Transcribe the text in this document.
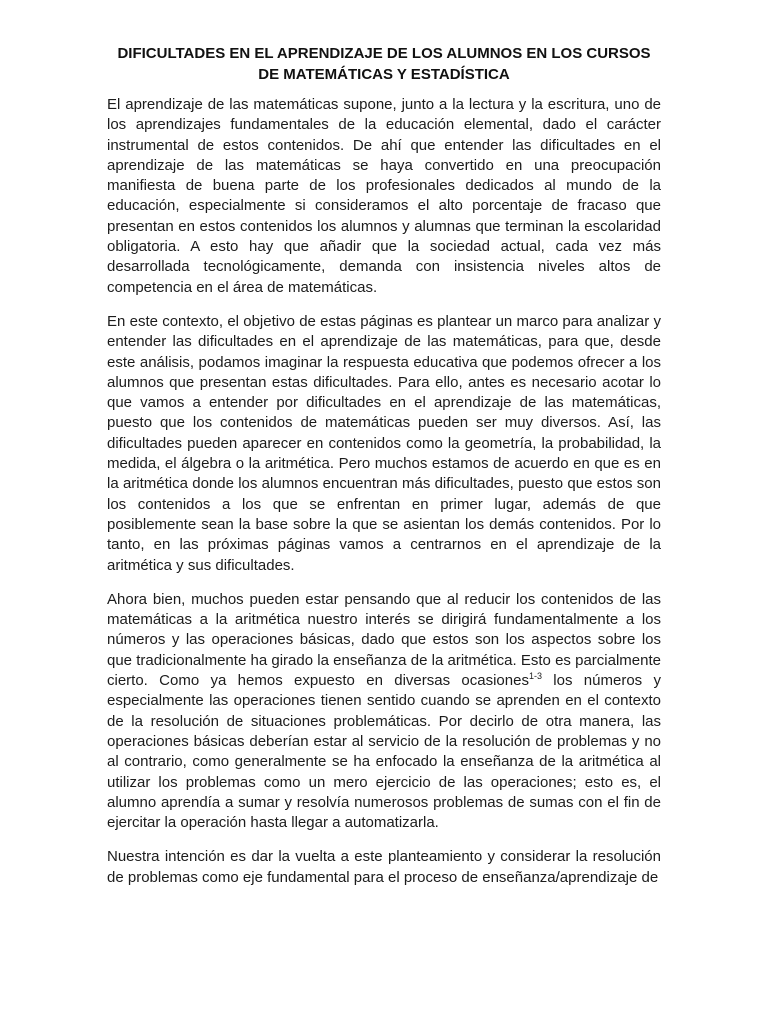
DIFICULTADES EN EL APRENDIZAJE DE LOS ALUMNOS EN LOS CURSOS
DE MATEMÁTICAS Y ESTADÍSTICA

El aprendizaje de las matemáticas supone, junto a la lectura y la escritura, uno de los aprendizajes fundamentales de la educación elemental, dado el carácter instrumental de estos contenidos. De ahí que entender las dificultades en el aprendizaje de las matemáticas se haya convertido en una preocupación manifiesta de buena parte de los profesionales dedicados al mundo de la educación, especialmente si consideramos el alto porcentaje de fracaso que presentan en estos contenidos los alumnos y alumnas que terminan la escolaridad obligatoria. A esto hay que añadir que la sociedad actual, cada vez más desarrollada tecnológicamente, demanda con insistencia niveles altos de competencia en el área de matemáticas.

En este contexto, el objetivo de estas páginas es plantear un marco para analizar y entender las dificultades en el aprendizaje de las matemáticas, para que, desde este análisis, podamos imaginar la respuesta educativa que podemos ofrecer a los alumnos que presentan estas dificultades. Para ello, antes es necesario acotar lo que vamos a entender por dificultades en el aprendizaje de las matemáticas, puesto que los contenidos de matemáticas pueden ser muy diversos. Así, las dificultades pueden aparecer en contenidos como la geometría, la probabilidad, la medida, el álgebra o la aritmética. Pero muchos estamos de acuerdo en que es en la aritmética donde los alumnos encuentran más dificultades, puesto que estos son los contenidos a los que se enfrentan en primer lugar, además de que posiblemente sean la base sobre la que se asientan los demás contenidos. Por lo tanto, en las próximas páginas vamos a centrarnos en el aprendizaje de la aritmética y sus dificultades.

Ahora bien, muchos pueden estar pensando que al reducir los contenidos de las matemáticas a la aritmética nuestro interés se dirigirá fundamentalmente a los números y las operaciones básicas, dado que estos son los aspectos sobre los que tradicionalmente ha girado la enseñanza de la aritmética. Esto es parcialmente cierto. Como ya hemos expuesto en diversas ocasiones$^{1-3}$ los números y especialmente las operaciones tienen sentido cuando se aprenden en el contexto de la resolución de situaciones problemáticas. Por decirlo de otra manera, las operaciones básicas deberían estar al servicio de la resolución de problemas y no al contrario, como generalmente se ha enfocado la enseñanza de la aritmética al utilizar los problemas como un mero ejercicio de las operaciones; esto es, el alumno aprendía a sumar y resolvía numerosos problemas de sumas con el fin de ejercitar la operación hasta llegar a automatizarla.

Nuestra intención es dar la vuelta a este planteamiento y considerar la resolución de problemas como eje fundamental para el proceso de enseñanza/aprendizaje de
